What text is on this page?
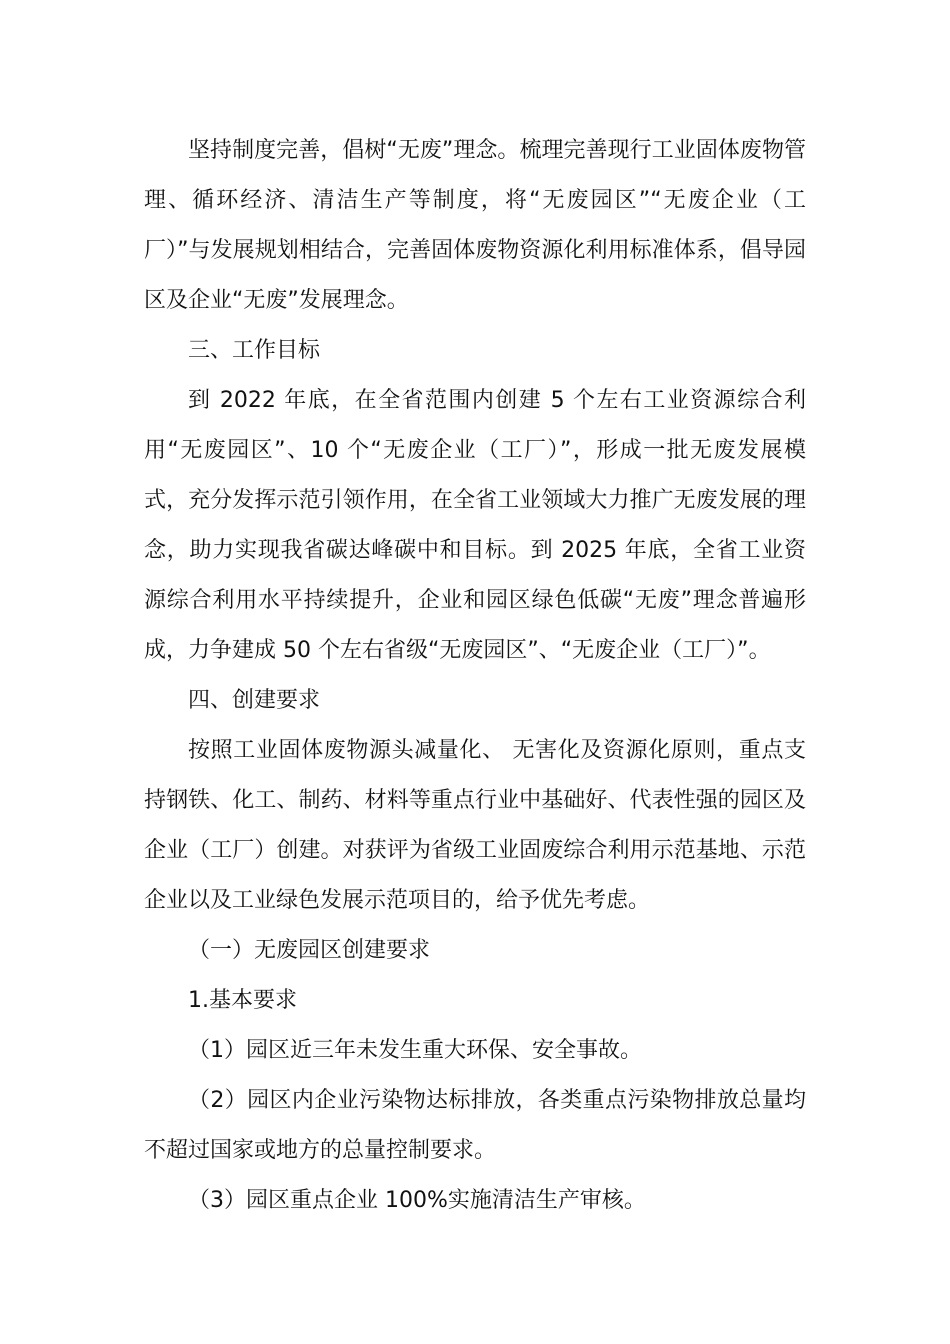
坚持制度完善，倡树“无废”理念。梳理完善现行工业固体废物管理、循环经济、清洁生产等制度，将“无废园区”“无废企业（工厂）”与发展规划相结合，完善固体废物资源化利用标准体系，倡导园区及企业“无废”发展理念。

三、工作目标

到 2022 年底，在全省范围内创建 5 个左右工业资源综合利用“无废园区”、10 个“无废企业（工厂）”，形成一批无废发展模式，充分发挥示范引领作用，在全省工业领域大力推广无废发展的理念，助力实现我省碳达峰碳中和目标。到 2025 年底，全省工业资源综合利用水平持续提升，企业和园区绿色低碳“无废”理念普遍形成，力争建成 50 个左右省级“无废园区”、“无废企业（工厂）”。

四、创建要求

按照工业固体废物源头减量化、 无害化及资源化原则，重点支持钢铁、化工、制药、材料等重点行业中基础好、代表性强的园区及企业（工厂）创建。对获评为省级工业固废综合利用示范基地、示范企业以及工业绿色发展示范项目的，给予优先考虑。

（一）无废园区创建要求

1.基本要求

（1）园区近三年未发生重大环保、安全事故。

（2）园区内企业污染物达标排放，各类重点污染物排放总量均不超过国家或地方的总量控制要求。

（3）园区重点企业 100%实施清洁生产审核。
